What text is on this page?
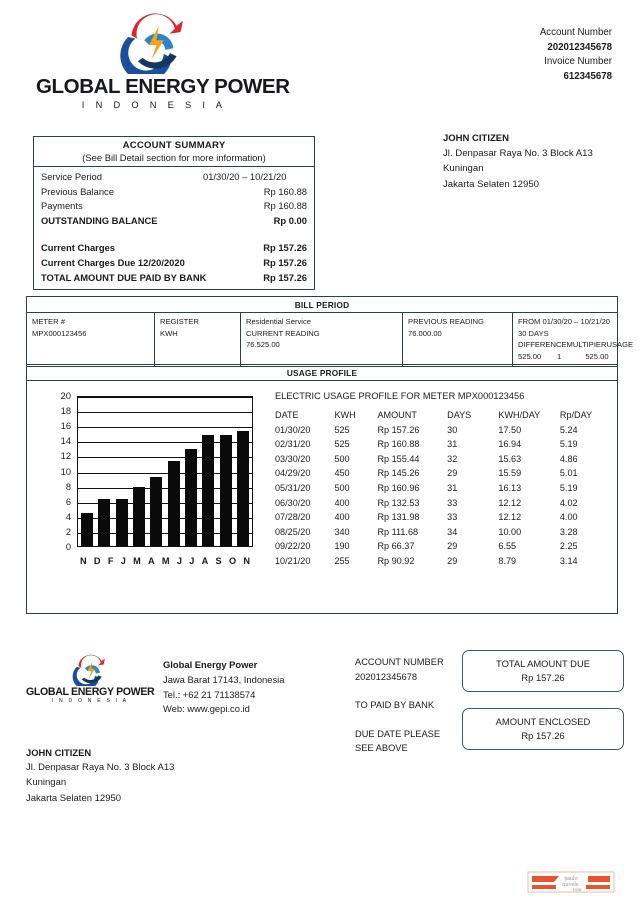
GLOBAL ENERGY POWER
I N D O N E S I A
Account Number
202012345678
Invoice Number
612345678
ACCOUNT SUMMARY
(See Bill Detail section for more information)
Service Period	01/30/20 – 10/21/20
Previous Balance	Rp 160.88
Payments	Rp 160.88
OUTSTANDING BALANCE	Rp 0.00
Current Charges	Rp 157.26
Current Charges Due 12/20/2020	Rp 157.26
TOTAL AMOUNT DUE PAID BY BANK	Rp 157.26
JOHN CITIZEN
Jl. Denpasar Raya No. 3 Block A13
Kuningan
Jakarta Selaten 12950
BILL PERIOD
METER #
MPX000123456
REGISTER
KWH
Residential Service
CURRENT READING
76.525.00
PREVIOUS READING
76.000.00
FROM 01/30/20 – 10/21/20 30 DAYS
DIFFERENCE MULTIPIER USAGE
525.00	1	525.00
USAGE PROFILE
20
18
16
14
12
10
8
6
4
2
0
N D F J M A M J J A S O N
ELECTRIC USAGE PROFILE FOR METER MPX000123456
DATE	KWH	AMOUNT	DAYS	KWH/DAY	Rp/DAY
01/30/20	525	Rp 157.26	30	17.50	5.24
02/31/20	525	Rp 160.88	31	16.94	5.19
03/30/20	500	Rp 155.44	32	15.63	4.86
04/29/20	450	Rp 145.26	29	15.59	5.01
05/31/20	500	Rp 160.96	31	16.13	5.19
06/30/20	400	Rp 132.53	33	12.12	4.02
07/28/20	400	Rp 131.98	33	12.12	4.00
08/25/20	340	Rp 111.68	34	10.00	3.28
09/22/20	190	Rp 66.37	29	6.55	2.25
10/21/20	255	Rp 90.92	29	8.79	3.14
GLOBAL ENERGY POWER
I N D O N E S I A
Global Energy Power
Jawa Barat 17143, Indonesia
Tel.: +62 21 71138574
Web: www.gepi.co.id
ACCOUNT NUMBER
202012345678
TO PAID BY BANK
DUE DATE PLEASE
SEE ABOVE
TOTAL AMOUNT DUE
Rp 157.26
AMOUNT ENCLOSED
Rp 157.26
JOHN CITIZEN
Jl. Denpasar Raya No. 3 Block A13
Kuningan
Jakarta Selaten 12950
paulo
travels.
com
